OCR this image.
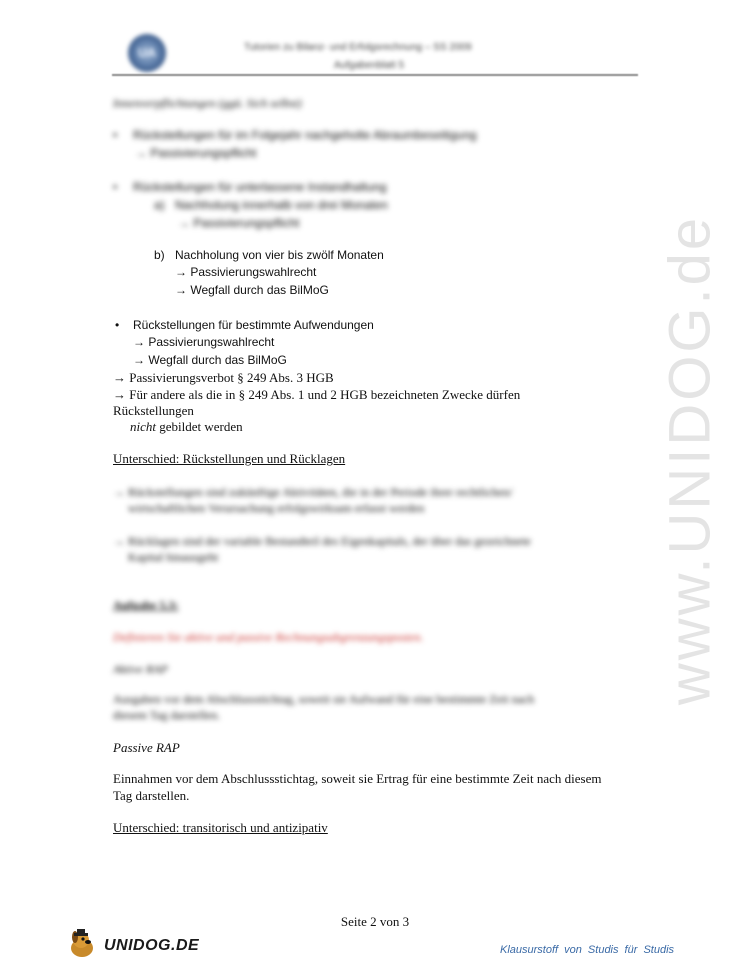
UA	Tutorien zu Bilanz- und Erfolgsrechnung – SS 2009
Aufgabenblatt 5
www.UNIDOG.de
Innenverpflichtungen (ggü. Sich selbst)
• Rückstellungen für im Folgejahr nachgeholte Abraumbeseitigung
→ Passivierungspflicht
• Rückstellungen für unterlassene Instandhaltung
a) Nachholung innerhalb von drei Monaten
→ Passivierungspflicht
b) Nachholung von vier bis zwölf Monaten
→ Passivierungswahlrecht
→ Wegfall durch das BilMoG
• Rückstellungen für bestimmte Aufwendungen
→ Passivierungswahlrecht
→ Wegfall durch das BilMoG
→ Passivierungsverbot § 249 Abs. 3 HGB
→ Für andere als die in § 249 Abs. 1 und 2 HGB bezeichneten Zwecke dürfen
Rückstellungen
nicht gebildet werden
Unterschied: Rückstellungen und Rücklagen
→ Rückstellungen sind zukünftige Aktivitäten, die in der Periode ihrer rechtlichen/
wirtschaftlichen Verursachung erfolgswirksam erfasst werden
→ Rücklagen sind der variable Bestandteil des Eigenkapitals, der über das gezeichnete
Kapital hinausgeht
Aufgabe 5.3:
Definieren Sie aktive und passive Rechnungsabgrenzungsposten.
Aktive RAP
Ausgaben vor dem Abschlussstichtag, soweit sie Aufwand für eine bestimmte Zeit nach
diesem Tag darstellen.
Passive RAP
Einnahmen vor dem Abschlussstichtag, soweit sie Ertrag für eine bestimmte Zeit nach diesem
Tag darstellen.
Unterschied: transitorisch und antizipativ
Seite 2 von 3
UNIDOG.DE	Klausurstoff von Studis für Studis
